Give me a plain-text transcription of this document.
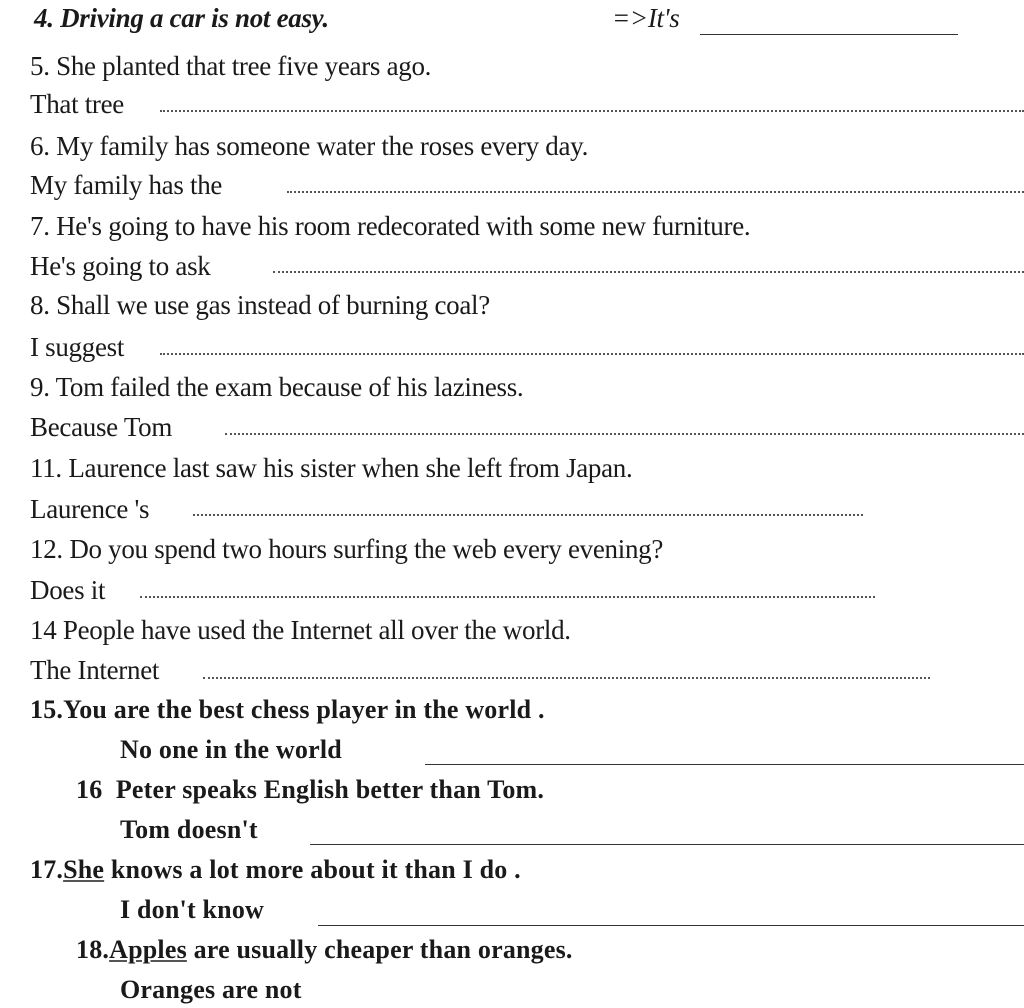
4. Driving a car is not easy.	=>It's
5. She planted that tree five years ago.
That tree
6. My family has someone water the roses every day.
My family has the
7. He's going to have his room redecorated with some new furniture.
He's going to ask
8. Shall we use gas instead of burning coal?
I suggest
9. Tom failed the exam because of his laziness.
Because Tom
11. Laurence last saw his sister when she left from Japan.
Laurence 's
12. Do you spend two hours surfing the web every evening?
Does it
14 People have used the Internet all over the world.
The Internet
15.You are the best chess player in the world .
No one in the world
16 Peter speaks English better than Tom.
Tom doesn't
17.She knows a lot more about it than I do .
I don't know
18.Apples are usually cheaper than oranges.
Oranges are not
